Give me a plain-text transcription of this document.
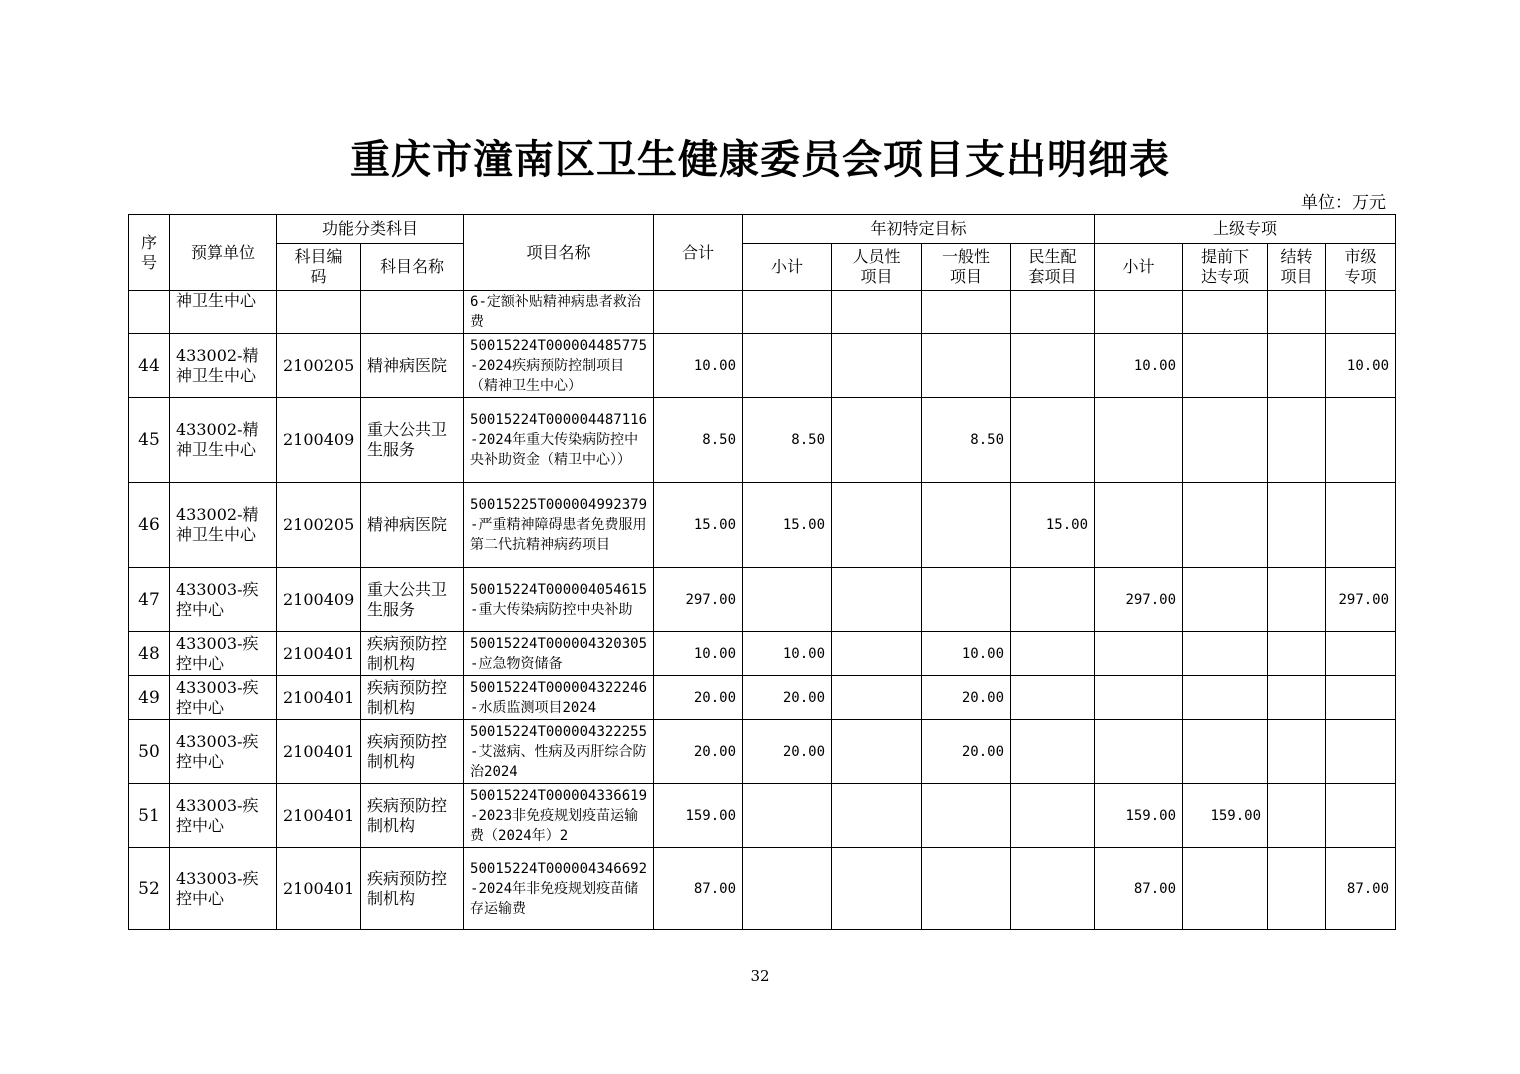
重庆市潼南区卫生健康委员会项目支出明细表
单位：万元
序号	预算单位	功能分类科目		项目名称	合计	年初特定目标				上级专项			
		科目编码	科目名称			小计	人员性项目	一般性项目	民生配套项目	小计	提前下达专项	结转项目	市级专项
	神卫生中心			6-定额补贴精神病患者救治费									
44	433002-精神卫生中心	2100205	精神病医院	50015224T000004485775-2024疾病预防控制项目（精神卫生中心）	10.00					10.00			10.00
45	433002-精神卫生中心	2100409	重大公共卫生服务	50015224T000004487116-2024年重大传染病防控中央补助资金（精卫中心））	8.50	8.50		8.50					
46	433002-精神卫生中心	2100205	精神病医院	50015225T000004992379-严重精神障碍患者免费服用第二代抗精神病药项目	15.00	15.00			15.00				
47	433003-疾控中心	2100409	重大公共卫生服务	50015224T000004054615-重大传染病防控中央补助	297.00					297.00			297.00
48	433003-疾控中心	2100401	疾病预防控制机构	50015224T000004320305-应急物资储备	10.00	10.00		10.00					
49	433003-疾控中心	2100401	疾病预防控制机构	50015224T000004322246-水质监测项目2024	20.00	20.00		20.00					
50	433003-疾控中心	2100401	疾病预防控制机构	50015224T000004322255-艾滋病、性病及丙肝综合防治2024	20.00	20.00		20.00					
51	433003-疾控中心	2100401	疾病预防控制机构	50015224T000004336619-2023非免疫规划疫苗运输费（2024年）2	159.00					159.00	159.00		
52	433003-疾控中心	2100401	疾病预防控制机构	50015224T000004346692-2024年非免疫规划疫苗储存运输费	87.00					87.00			87.00
32
